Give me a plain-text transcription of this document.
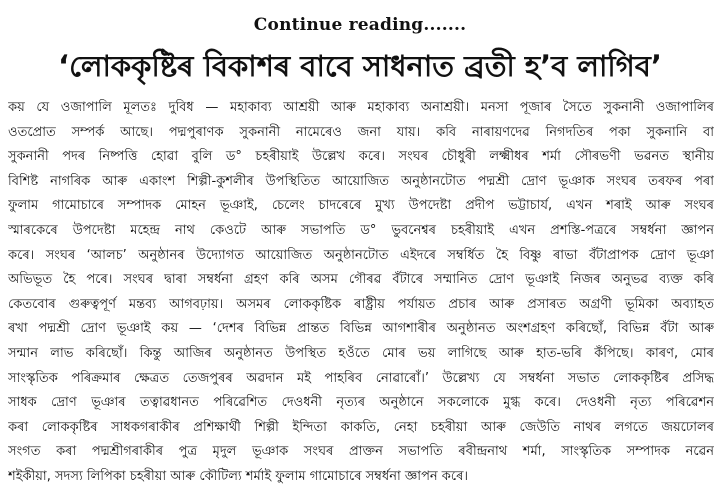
Continue reading.......
‘লোককৃষ্টিৰ বিকাশৰ বাবে সাধনাত ব্ৰতী হ’ব লাগিব’
কয় যে ওজাপালি মূলতঃ দুবিধ — মহাকাব্য আশ্ৰয়ী আৰু মহাকাব্য অনাশ্ৰয়ী। মনসা পূজাৰ সৈতে সুকনানী ওজাপালিৰ
ওতপ্ৰোত সম্পৰ্ক আছে। পদ্মপুৰাণক সুকনানী নামেৰেও জনা যায়। কবি নাৰায়ণদেৱ নিগদতিৰ পকা সুকনানি বা
সুকনানী পদৰ নিষ্পত্তি হোৱা বুলি ড° চহৰীয়াই উল্লেখ কৰে। সংঘৰ চৌধুৰী লক্ষ্মীধৰ শৰ্মা সৌৰভণী ভৱনত স্থানীয়
বিশিষ্ট নাগৰিক আৰু একাংশ শিল্পী-কুশলীৰ উপস্থিতিত আয়োজিত অনুষ্ঠানটোত পদ্মশ্ৰী দ্ৰোণ ভূঞাক সংঘৰ তৰফৰ পৰা
ফুলাম গামোচাৰে সম্পাদক মোহন ভূঞাই, চেলেং চাদৰেৰে মুখ্য উপদেষ্টা প্ৰদীপ ভট্টাচাৰ্য, এখন শৰাই আৰু সংঘৰ
স্মাৰকেৰে উপদেষ্টা মহেন্দ্ৰ নাথ কেওটে আৰু সভাপতি ড° ভুবনেশ্বৰ চহৰীয়াই এখন প্ৰশস্তি-পত্ৰৰে সম্বৰ্ধনা জ্ঞাপন
কৰে। সংঘৰ ‘আলচ’ অনুষ্ঠানৰ উদ্যোগত আয়োজিত অনুষ্ঠানটোত এইদৰে সম্বৰ্ধিত হৈ বিষ্ণু ৰাভা বঁটাপ্ৰাপক দ্ৰোণ ভূঞা
অভিভূত হৈ পৰে। সংঘৰ দ্বাৰা সম্বৰ্ধনা গ্ৰহণ কৰি অসম গৌৰৱ বঁটাৰে সম্মানিত দ্ৰোণ ভূঞাই নিজৰ অনুভৱ ব্যক্ত কৰি
কেতবোৰ গুৰুত্বপূৰ্ণ মন্তব্য আগবঢ়ায়। অসমৰ লোককৃষ্টিক ৰাষ্ট্ৰীয় পৰ্যায়ত প্ৰচাৰ আৰু প্ৰসাৰত অগ্ৰণী ভূমিকা অব্যাহত
ৰখা পদ্মশ্ৰী দ্ৰোণ ভূঞাই কয় — ‘দেশৰ বিভিন্ন প্ৰান্তত বিভিন্ন আগশাৰীৰ অনুষ্ঠানত অংশগ্ৰহণ কৰিছোঁ, বিভিন্ন বঁটা আৰু
সন্মান লাভ কৰিছোঁ। কিন্তু আজিৰ অনুষ্ঠানত উপস্থিত হওঁতে মোৰ ভয় লাগিছে আৰু হাত-ভৰি কঁপিছে। কাৰণ, মোৰ
সাংস্কৃতিক পৰিক্ৰমাৰ ক্ষেত্ৰত তেজপুৰৰ অৱদান মই পাহৰিব নোৱাৰোঁ।’ উল্লেখ্য যে সম্বৰ্ধনা সভাত লোককৃষ্টিৰ প্ৰসিদ্ধ
সাধক দ্ৰোণ ভূঞাৰ তত্বাৱধানত পৰিৱেশিত দেওধনী নৃত্যৰ অনুষ্ঠানে সকলোকে মুগ্ধ কৰে। দেওধনী নৃত্য পৰিৱেশন
কৰা লোককৃষ্টিৰ সাধকগৰাকীৰ প্ৰশিক্ষাৰ্থী শিল্পী ইন্দিতা কাকতি, নেহা চহৰীয়া আৰু জেউতি নাথৰ লগতে জয়ঢোলৰ
সংগত কৰা পদ্মশ্ৰীগৰাকীৰ পুত্ৰ মৃদুল ভূঞাক সংঘৰ প্ৰাক্তন সভাপতি ৰবীন্দ্ৰনাথ শৰ্মা, সাংস্কৃতিক সম্পাদক নৱেন
শইকীয়া, সদস্য লিপিকা চহৰীয়া আৰু কৌটিল্য শৰ্মাই ফুলাম গামোচাৰে সম্বৰ্ধনা জ্ঞাপন কৰে।
